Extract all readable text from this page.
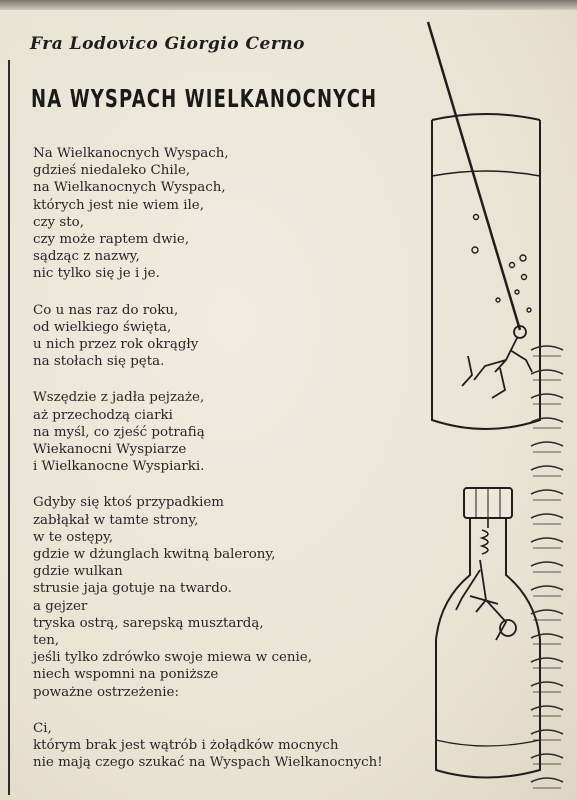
Fra Lodovico Giorgio Cerno
NA WYSPACH WIELKANOCNYCH
Na Wielkanocnych Wyspach,
gdzieś niedaleko Chile,
na Wielkanocnych Wyspach,
których jest nie wiem ile,
czy sto,
czy może raptem dwie,
sądząc z nazwy,
nic tylko się je i je.
Co u nas raz do roku,
od wielkiego święta,
u nich przez rok okrągły
na stołach się pęta.
Wszędzie z jadła pejzaże,
aż przechodzą ciarki
na myśl, co zjeść potrafią
Wiekanocni Wyspiarze
i Wielkanocne Wyspiarki.
Gdyby się ktoś przypadkiem
zabłąkał w tamte strony,
w te ostępy,
gdzie w dżunglach kwitną balerony,
gdzie wulkan
strusie jaja gotuje na twardo.
a gejzer
tryska ostrą, sarepską musztardą,
ten,
jeśli tylko zdrówko swoje miewa w cenie,
niech wspomni na poniższe
poważne ostrzeżenie:
Ci,
którym brak jest wątrób i żołądków mocnych
nie mają czego szukać na Wyspach Wielkanocnych!
